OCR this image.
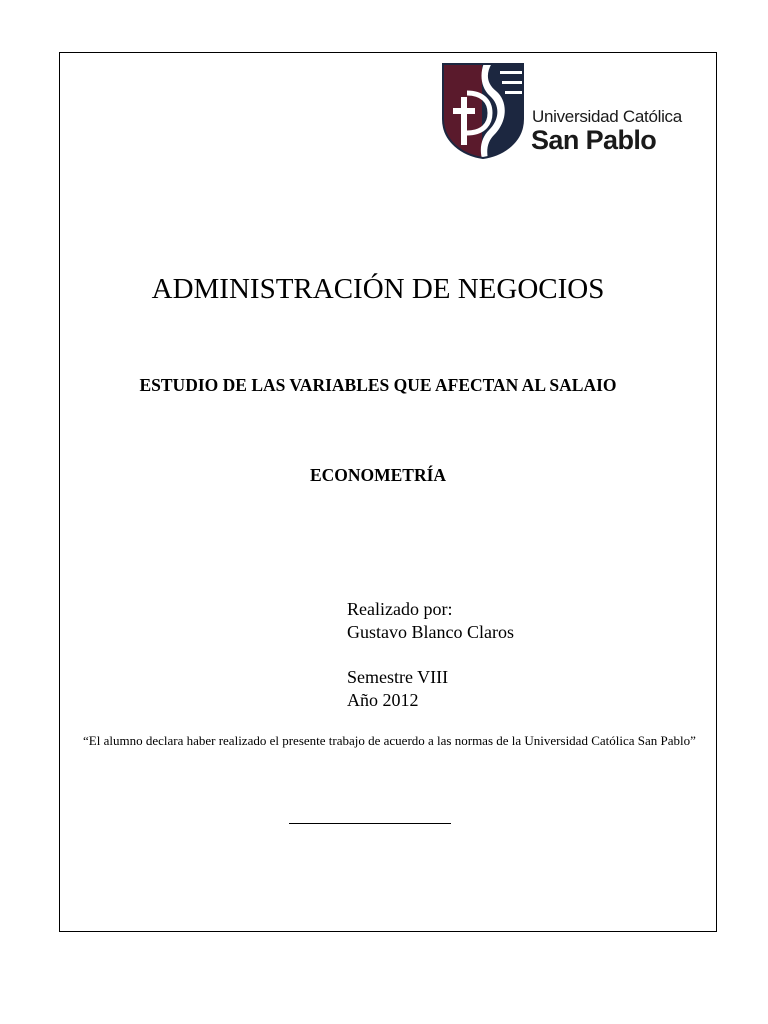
Universidad Católica
San Pablo
ADMINISTRACIÓN DE NEGOCIOS
ESTUDIO DE LAS VARIABLES QUE AFECTAN AL SALAIO
ECONOMETRÍA
Realizado por:
Gustavo Blanco Claros
Semestre VIII
Año 2012
“El alumno declara haber realizado el presente trabajo de acuerdo a las normas de la Universidad Católica San Pablo”
